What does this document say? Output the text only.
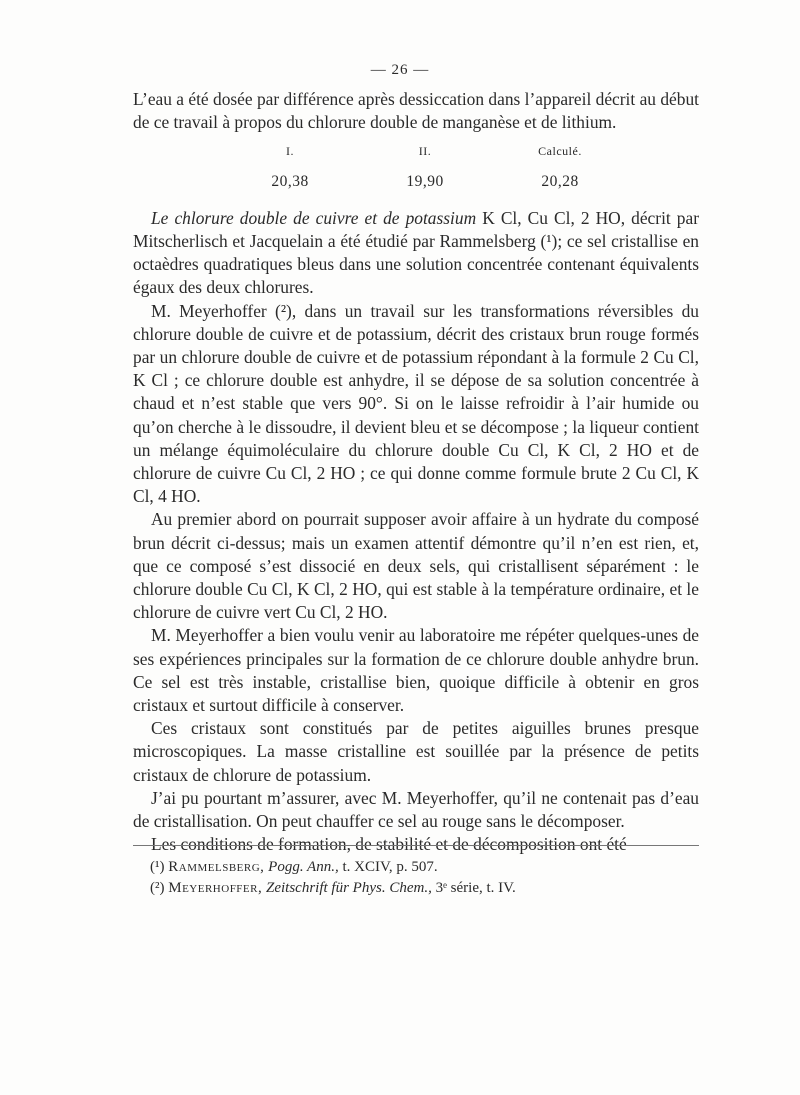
— 26 —

L’eau a été dosée par différence après dessiccation dans l’appareil décrit au début de ce travail à propos du chlorure double de manganèse et de lithium.

I.	II.	Calculé.
20,38	19,90	20,28

Le chlorure double de cuivre et de potassium K Cl, Cu Cl, 2 HO, décrit par Mitscherlisch et Jacquelain a été étudié par Rammelsberg (¹); ce sel cristallise en octaèdres quadratiques bleus dans une solution concentrée contenant équivalents égaux des deux chlorures.

M. Meyerhoffer (²), dans un travail sur les transformations réversibles du chlorure double de cuivre et de potassium, décrit des cristaux brun rouge formés par un chlorure double de cuivre et de potassium répondant à la formule 2 Cu Cl, K Cl ; ce chlorure double est anhydre, il se dépose de sa solution concentrée à chaud et n’est stable que vers 90°. Si on le laisse refroidir à l’air humide ou qu’on cherche à le dissoudre, il devient bleu et se décompose ; la liqueur contient un mélange équimoléculaire du chlorure double Cu Cl, K Cl, 2 HO et de chlorure de cuivre Cu Cl, 2 HO ; ce qui donne comme formule brute 2 Cu Cl, K Cl, 4 HO.

Au premier abord on pourrait supposer avoir affaire à un hydrate du composé brun décrit ci-dessus; mais un examen attentif démontre qu’il n’en est rien, et, que ce composé s’est dissocié en deux sels, qui cristallisent séparément : le chlorure double Cu Cl, K Cl, 2 HO, qui est stable à la température ordinaire, et le chlorure de cuivre vert Cu Cl, 2 HO.

M. Meyerhoffer a bien voulu venir au laboratoire me répéter quelques-unes de ses expériences principales sur la formation de ce chlorure double anhydre brun. Ce sel est très instable, cristallise bien, quoique difficile à obtenir en gros cristaux et surtout difficile à conserver.

Ces cristaux sont constitués par de petites aiguilles brunes presque microscopiques. La masse cristalline est souillée par la présence de petits cristaux de chlorure de potassium.

J’ai pu pourtant m’assurer, avec M. Meyerhoffer, qu’il ne contenait pas d’eau de cristallisation. On peut chauffer ce sel au rouge sans le décomposer.

Les conditions de formation, de stabilité et de décomposition ont été

(¹) Rammelsberg, Pogg. Ann., t. XCIV, p. 507.
(²) Meyerhoffer, Zeitschrift für Phys. Chem., 3ᵉ série, t. IV.
